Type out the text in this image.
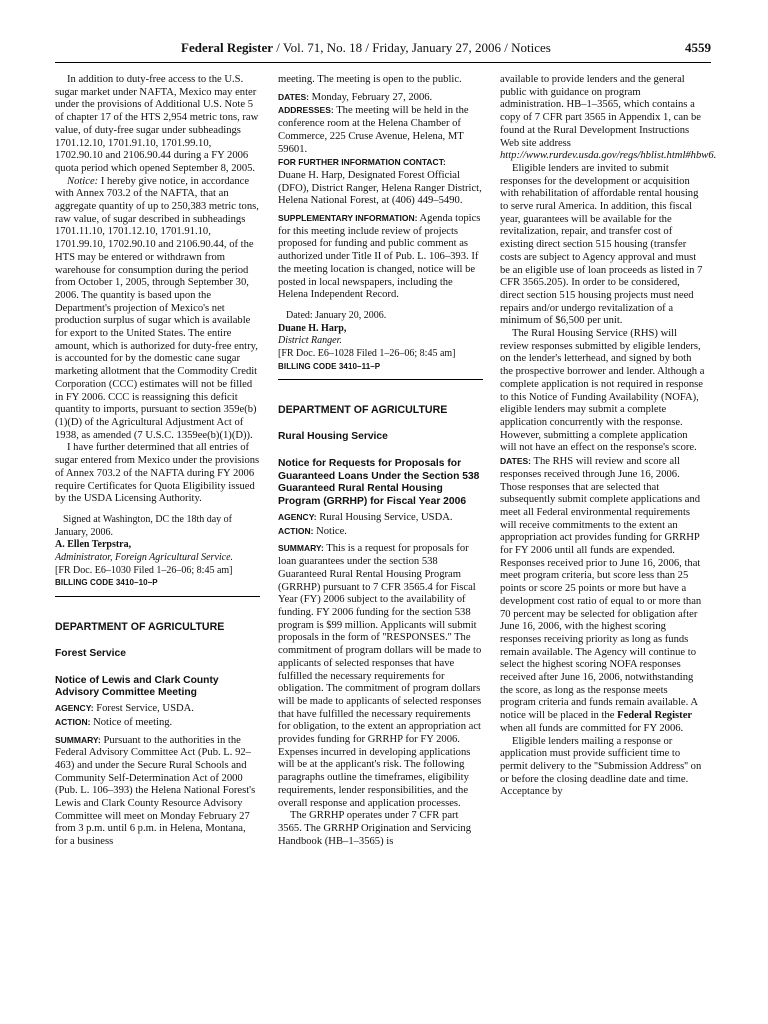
Federal Register / Vol. 71, No. 18 / Friday, January 27, 2006 / Notices	4559

In addition to duty-free access to the U.S. sugar market under NAFTA, Mexico may enter under the provisions of Additional U.S. Note 5 of chapter 17 of the HTS 2,954 metric tons, raw value, of duty-free sugar under subheadings 1701.12.10, 1701.91.10, 1701.99.10, 1702.90.10 and 2106.90.44 during a FY 2006 quota period which opened September 8, 2005.

Notice: I hereby give notice, in accordance with Annex 703.2 of the NAFTA, that an aggregate quantity of up to 250,383 metric tons, raw value, of sugar described in subheadings 1701.11.10, 1701.12.10, 1701.91.10, 1701.99.10, 1702.90.10 and 2106.90.44, of the HTS may be entered or withdrawn from warehouse for consumption during the period from October 1, 2005, through September 30, 2006. The quantity is based upon the Department's projection of Mexico's net production surplus of sugar which is available for export to the United States. The entire amount, which is authorized for duty-free entry, is accounted for by the domestic cane sugar marketing allotment that the Commodity Credit Corporation (CCC) estimates will not be filled in FY 2006. CCC is reassigning this deficit quantity to imports, pursuant to section 359e(b)(1)(D) of the Agricultural Adjustment Act of 1938, as amended (7 U.S.C. 1359ee(b)(1)(D)).

I have further determined that all entries of sugar entered from Mexico under the provisions of Annex 703.2 of the NAFTA during FY 2006 require Certificates for Quota Eligibility issued by the USDA Licensing Authority.

Signed at Washington, DC the 18th day of January, 2006.

A. Ellen Terpstra,

Administrator, Foreign Agricultural Service.

[FR Doc. E6–1030 Filed 1–26–06; 8:45 am]

BILLING CODE 3410–10–P

DEPARTMENT OF AGRICULTURE

Forest Service

Notice of Lewis and Clark County Advisory Committee Meeting

AGENCY: Forest Service, USDA.

ACTION: Notice of meeting.

SUMMARY: Pursuant to the authorities in the Federal Advisory Committee Act (Pub. L. 92–463) and under the Secure Rural Schools and Community Self-Determination Act of 2000 (Pub. L. 106–393) the Helena National Forest's Lewis and Clark County Resource Advisory Committee will meet on Monday February 27 from 3 p.m. until 6 p.m. in Helena, Montana, for a business

meeting. The meeting is open to the public.

DATES: Monday, February 27, 2006.

ADDRESSES: The meeting will be held in the conference room at the Helena Chamber of Commerce, 225 Cruse Avenue, Helena, MT 59601.

FOR FURTHER INFORMATION CONTACT:

Duane H. Harp, Designated Forest Official (DFO), District Ranger, Helena Ranger District, Helena National Forest, at (406) 449–5490.

SUPPLEMENTARY INFORMATION: Agenda topics for this meeting include review of projects proposed for funding and public comment as authorized under Title II of Pub. L. 106–393. If the meeting location is changed, notice will be posted in local newspapers, including the Helena Independent Record.

Dated: January 20, 2006.

Duane H. Harp,

District Ranger.

[FR Doc. E6–1028 Filed 1–26–06; 8:45 am]

BILLING CODE 3410–11–P

DEPARTMENT OF AGRICULTURE

Rural Housing Service

Notice for Requests for Proposals for Guaranteed Loans Under the Section 538 Guaranteed Rural Rental Housing Program (GRRHP) for Fiscal Year 2006

AGENCY: Rural Housing Service, USDA.

ACTION: Notice.

SUMMARY: This is a request for proposals for loan guarantees under the section 538 Guaranteed Rural Rental Housing Program (GRRHP) pursuant to 7 CFR 3565.4 for Fiscal Year (FY) 2006 subject to the availability of funding. FY 2006 funding for the section 538 program is $99 million. Applicants will submit proposals in the form of ''RESPONSES.'' The commitment of program dollars will be made to applicants of selected responses that have fulfilled the necessary requirements for obligation. The commitment of program dollars will be made to applicants of selected responses that have fulfilled the necessary requirements for obligation, to the extent an appropriation act provides funding for GRRHP for FY 2006. Expenses incurred in developing applications will be at the applicant's risk. The following paragraphs outline the timeframes, eligibility requirements, lender responsibilities, and the overall response and application processes.

The GRRHP operates under 7 CFR part 3565. The GRRHP Origination and Servicing Handbook (HB–1–3565) is

available to provide lenders and the general public with guidance on program administration. HB–1–3565, which contains a copy of 7 CFR part 3565 in Appendix 1, can be found at the Rural Development Instructions Web site address http://www.rurdev.usda.gov/regs/hblist.html#hbw6.

Eligible lenders are invited to submit responses for the development or acquisition with rehabilitation of affordable rental housing to serve rural America. In addition, this fiscal year, guarantees will be available for the revitalization, repair, and transfer cost of existing direct section 515 housing (transfer costs are subject to Agency approval and must be an eligible use of loan proceeds as listed in 7 CFR 3565.205). In order to be considered, direct section 515 housing projects must need repairs and/or undergo revitalization of a minimum of $6,500 per unit.

The Rural Housing Service (RHS) will review responses submitted by eligible lenders, on the lender's letterhead, and signed by both the prospective borrower and lender. Although a complete application is not required in response to this Notice of Funding Availability (NOFA), eligible lenders may submit a complete application concurrently with the response. However, submitting a complete application will not have an effect on the response's score.

DATES: The RHS will review and score all responses received through June 16, 2006. Those responses that are selected that subsequently submit complete applications and meet all Federal environmental requirements will receive commitments to the extent an appropriation act provides funding for GRRHP for FY 2006 until all funds are expended. Responses received prior to June 16, 2006, that meet program criteria, but score less than 25 points or score 25 points or more but have a development cost ratio of equal to or more than 70 percent may be selected for obligation after June 16, 2006, with the highest scoring responses receiving priority as long as funds remain available. The Agency will continue to select the highest scoring NOFA responses received after June 16, 2006, notwithstanding the score, as long as the response meets program criteria and funds remain available. A notice will be placed in the Federal Register when all funds are committed for FY 2006.

Eligible lenders mailing a response or application must provide sufficient time to permit delivery to the ''Submission Address'' on or before the closing deadline date and time. Acceptance by
